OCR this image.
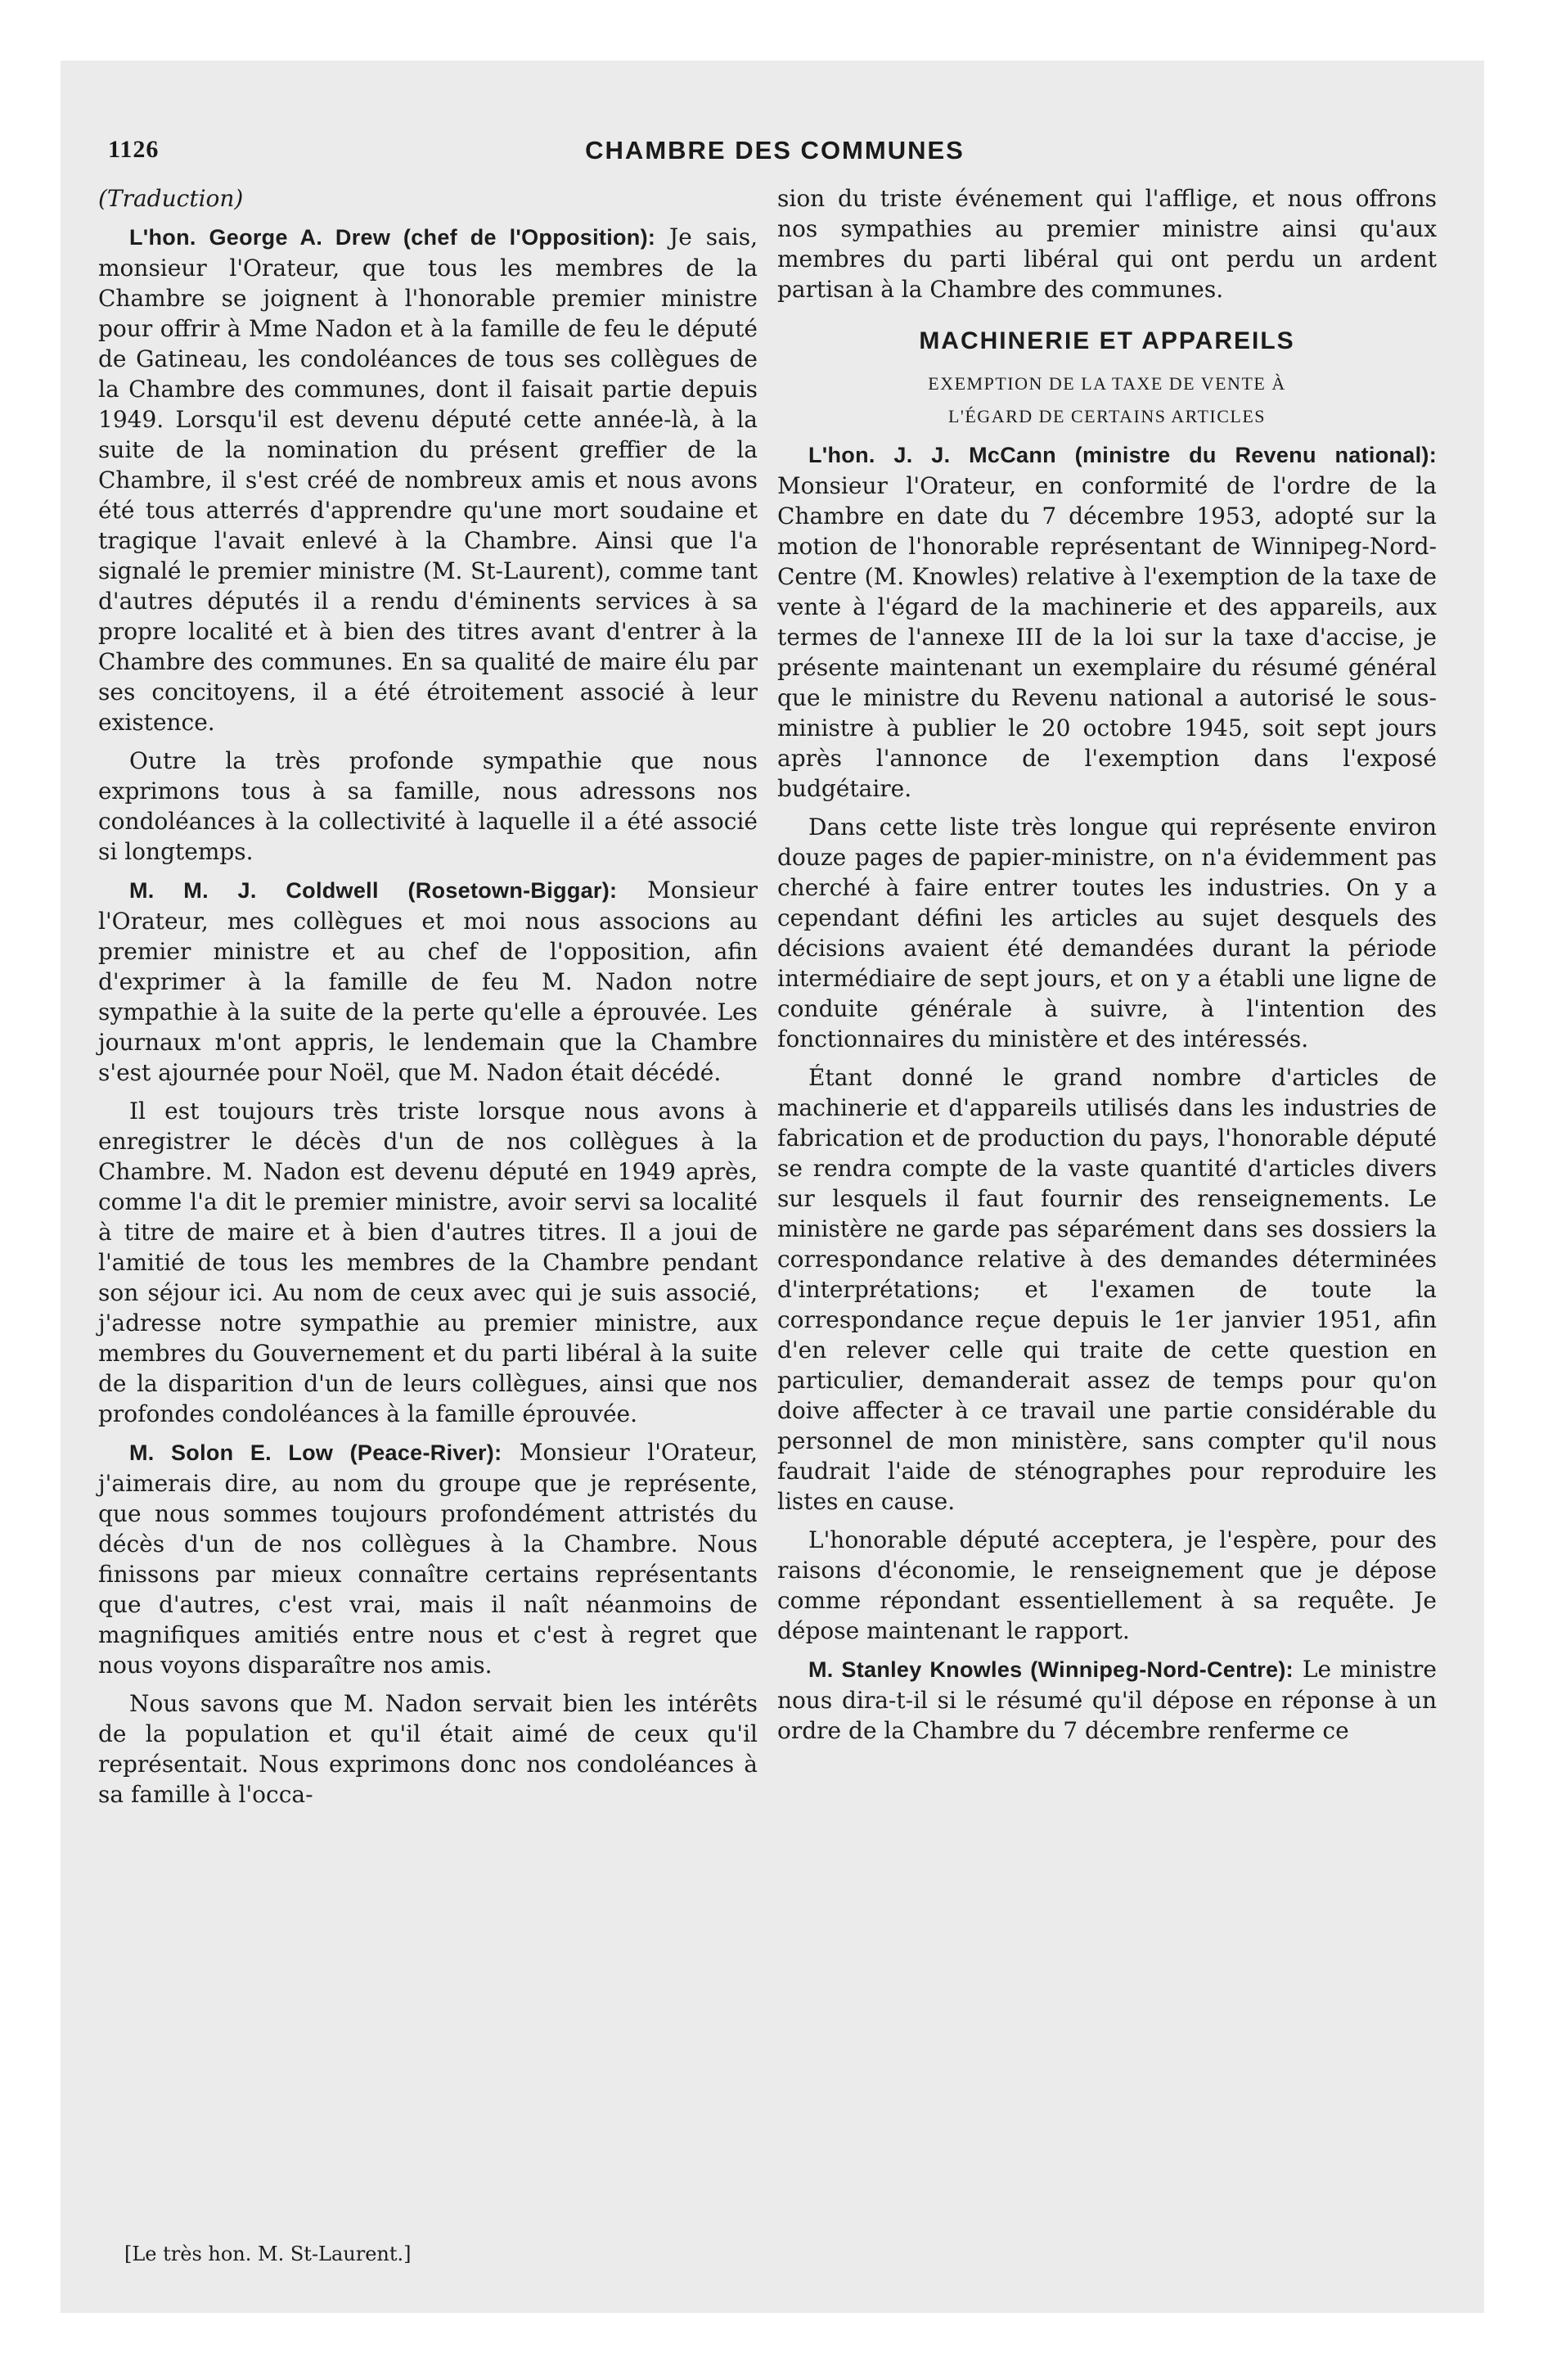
1126	CHAMBRE DES COMMUNES

(Traduction)

L'hon. George A. Drew (chef de l'Opposition): Je sais, monsieur l'Orateur, que tous les membres de la Chambre se joignent à l'honorable premier ministre pour offrir à Mme Nadon et à la famille de feu le député de Gatineau, les condoléances de tous ses collègues de la Chambre des communes, dont il faisait partie depuis 1949. Lorsqu'il est devenu député cette année-là, à la suite de la nomination du présent greffier de la Chambre, il s'est créé de nombreux amis et nous avons été tous atterrés d'apprendre qu'une mort soudaine et tragique l'avait enlevé à la Chambre. Ainsi que l'a signalé le premier ministre (M. St-Laurent), comme tant d'autres députés il a rendu d'éminents services à sa propre localité et à bien des titres avant d'entrer à la Chambre des communes. En sa qualité de maire élu par ses concitoyens, il a été étroitement associé à leur existence.

Outre la très profonde sympathie que nous exprimons tous à sa famille, nous adressons nos condoléances à la collectivité à laquelle il a été associé si longtemps.

M. M. J. Coldwell (Rosetown-Biggar): Monsieur l'Orateur, mes collègues et moi nous associons au premier ministre et au chef de l'opposition, afin d'exprimer à la famille de feu M. Nadon notre sympathie à la suite de la perte qu'elle a éprouvée. Les journaux m'ont appris, le lendemain que la Chambre s'est ajournée pour Noël, que M. Nadon était décédé.

Il est toujours très triste lorsque nous avons à enregistrer le décès d'un de nos collègues à la Chambre. M. Nadon est devenu député en 1949 après, comme l'a dit le premier ministre, avoir servi sa localité à titre de maire et à bien d'autres titres. Il a joui de l'amitié de tous les membres de la Chambre pendant son séjour ici. Au nom de ceux avec qui je suis associé, j'adresse notre sympathie au premier ministre, aux membres du Gouvernement et du parti libéral à la suite de la disparition d'un de leurs collègues, ainsi que nos profondes condoléances à la famille éprouvée.

M. Solon E. Low (Peace-River): Monsieur l'Orateur, j'aimerais dire, au nom du groupe que je représente, que nous sommes toujours profondément attristés du décès d'un de nos collègues à la Chambre. Nous finissons par mieux connaître certains représentants que d'autres, c'est vrai, mais il naît néanmoins de magnifiques amitiés entre nous et c'est à regret que nous voyons disparaître nos amis.

Nous savons que M. Nadon servait bien les intérêts de la population et qu'il était aimé de ceux qu'il représentait. Nous exprimons donc nos condoléances à sa famille à l'occa-

sion du triste événement qui l'afflige, et nous offrons nos sympathies au premier ministre ainsi qu'aux membres du parti libéral qui ont perdu un ardent partisan à la Chambre des communes.

MACHINERIE ET APPAREILS
EXEMPTION DE LA TAXE DE VENTE À
L'ÉGARD DE CERTAINS ARTICLES

L'hon. J. J. McCann (ministre du Revenu national): Monsieur l'Orateur, en conformité de l'ordre de la Chambre en date du 7 décembre 1953, adopté sur la motion de l'honorable représentant de Winnipeg-Nord-Centre (M. Knowles) relative à l'exemption de la taxe de vente à l'égard de la machinerie et des appareils, aux termes de l'annexe III de la loi sur la taxe d'accise, je présente maintenant un exemplaire du résumé général que le ministre du Revenu national a autorisé le sous-ministre à publier le 20 octobre 1945, soit sept jours après l'annonce de l'exemption dans l'exposé budgétaire.

Dans cette liste très longue qui représente environ douze pages de papier-ministre, on n'a évidemment pas cherché à faire entrer toutes les industries. On y a cependant défini les articles au sujet desquels des décisions avaient été demandées durant la période intermédiaire de sept jours, et on y a établi une ligne de conduite générale à suivre, à l'intention des fonctionnaires du ministère et des intéressés.

Étant donné le grand nombre d'articles de machinerie et d'appareils utilisés dans les industries de fabrication et de production du pays, l'honorable député se rendra compte de la vaste quantité d'articles divers sur lesquels il faut fournir des renseignements. Le ministère ne garde pas séparément dans ses dossiers la correspondance relative à des demandes déterminées d'interprétations; et l'examen de toute la correspondance reçue depuis le 1er janvier 1951, afin d'en relever celle qui traite de cette question en particulier, demanderait assez de temps pour qu'on doive affecter à ce travail une partie considérable du personnel de mon ministère, sans compter qu'il nous faudrait l'aide de sténographes pour reproduire les listes en cause.

L'honorable député acceptera, je l'espère, pour des raisons d'économie, le renseignement que je dépose comme répondant essentiellement à sa requête. Je dépose maintenant le rapport.

M. Stanley Knowles (Winnipeg-Nord-Centre): Le ministre nous dira-t-il si le résumé qu'il dépose en réponse à un ordre de la Chambre du 7 décembre renferme ce

[Le très hon. M. St-Laurent.]
